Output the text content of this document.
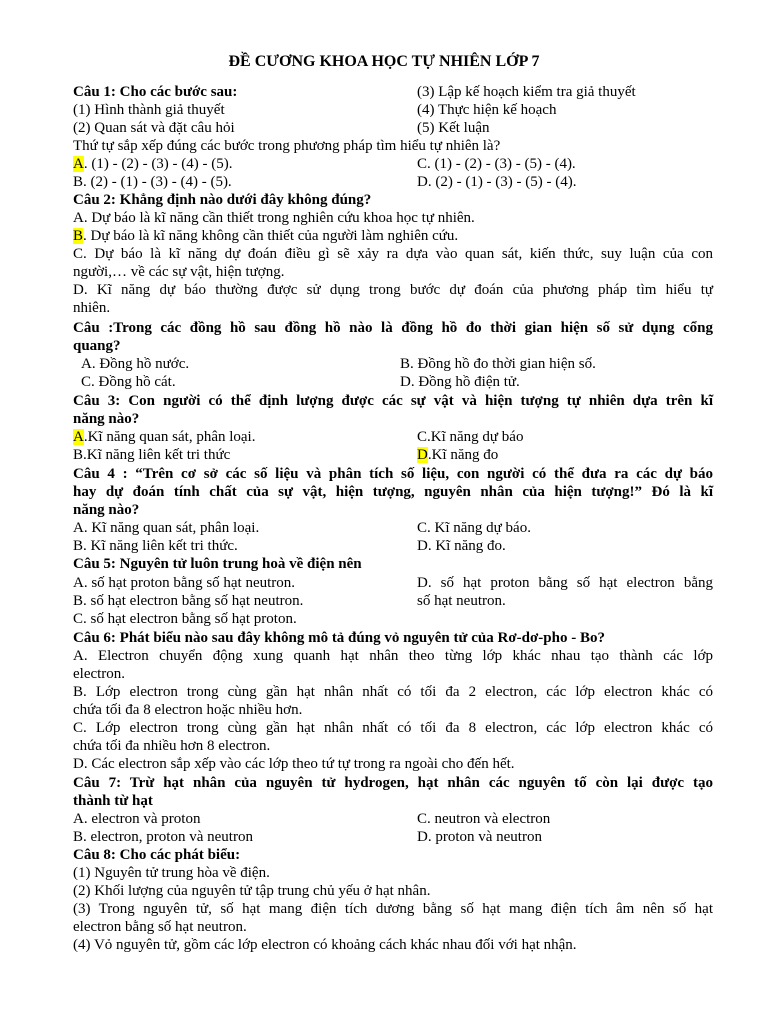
ĐỀ CƯƠNG KHOA HỌC TỰ NHIÊN LỚP 7
Câu 1: Cho các bước sau:	(3) Lập kế hoạch kiểm tra giả thuyết
(1) Hình thành giả thuyết	(4) Thực hiện kế hoạch
(2) Quan sát và đặt câu hỏi	(5) Kết luận
Thứ tự sắp xếp đúng các bước trong phương pháp tìm hiểu tự nhiên là?
A. (1) - (2) - (3) - (4) - (5).	C. (1) - (2) - (3) - (5) - (4).
B. (2) - (1) - (3) - (4) - (5).	D. (2) - (1) - (3) - (5) - (4).
Câu 2: Khẳng định nào dưới đây không đúng?
A. Dự báo là kĩ năng cần thiết trong nghiên cứu khoa học tự nhiên.
B. Dự báo là kĩ năng không cần thiết của người làm nghiên cứu.
C. Dự báo là kĩ năng dự đoán điều gì sẽ xảy ra dựa vào quan sát, kiến thức, suy luận của con
người,… về các sự vật, hiện tượng.
D. Kĩ năng dự báo thường được sử dụng trong bước dự đoán của phương pháp tìm hiểu tự
nhiên.
Câu :Trong các đồng hồ sau đồng hồ nào là đồng hồ đo thời gian hiện số sử dụng cổng
quang?
A. Đồng hồ nước.	B. Đồng hồ đo thời gian hiện số.
C. Đồng hồ cát.	D. Đồng hồ điện tử.
Câu 3: Con người có thể định lượng được các sự vật và hiện tượng tự nhiên dựa trên kĩ
năng nào?
A.Kĩ năng quan sát, phân loại.	C.Kĩ năng dự báo
B.Kĩ năng liên kết tri thức	D.Kĩ năng đo
Câu 4 : “Trên cơ sở các số liệu và phân tích số liệu, con người có thể đưa ra các dự báo
hay dự đoán tính chất của sự vật, hiện tượng, nguyên nhân của hiện tượng!” Đó là kĩ
năng nào?
A. Kĩ năng quan sát, phân loại.	C. Kĩ năng dự báo.
B. Kĩ năng liên kết tri thức.	D. Kĩ năng đo.
Câu 5: Nguyên tử luôn trung hoà về điện nên
A. số hạt proton bằng số hạt neutron.	D. số hạt proton bằng số hạt electron bằng
B. số hạt electron bằng số hạt neutron.	số hạt neutron.
C. số hạt electron bằng số hạt proton.
Câu 6: Phát biểu nào sau đây không mô tả đúng vỏ nguyên tử của Rơ-dơ-pho - Bo?
A. Electron chuyển động xung quanh hạt nhân theo từng lớp khác nhau tạo thành các lớp
electron.
B. Lớp electron trong cùng gần hạt nhân nhất có tối đa 2 electron, các lớp electron khác có
chứa tối đa 8 electron hoặc nhiều hơn.
C. Lớp electron trong cùng gần hạt nhân nhất có tối đa 8 electron, các lớp electron khác có
chứa tối đa nhiều hơn 8 electron.
D. Các electron sắp xếp vào các lớp theo tứ tự trong ra ngoài cho đến hết.
Câu 7: Trừ hạt nhân của nguyên tử hydrogen, hạt nhân các nguyên tố còn lại được tạo
thành từ hạt
A. electron và proton	C. neutron và electron
B. electron, proton và neutron	D. proton và neutron
Câu 8: Cho các phát biểu:
(1) Nguyên tử trung hòa về điện.
(2) Khối lượng của nguyên tử tập trung chủ yếu ở hạt nhân.
(3) Trong nguyên tử, số hạt mang điện tích dương bằng số hạt mang điện tích âm nên số hạt
electron bằng số hạt neutron.
(4) Vỏ nguyên tử, gồm các lớp electron có khoảng cách khác nhau đối với hạt nhận.
